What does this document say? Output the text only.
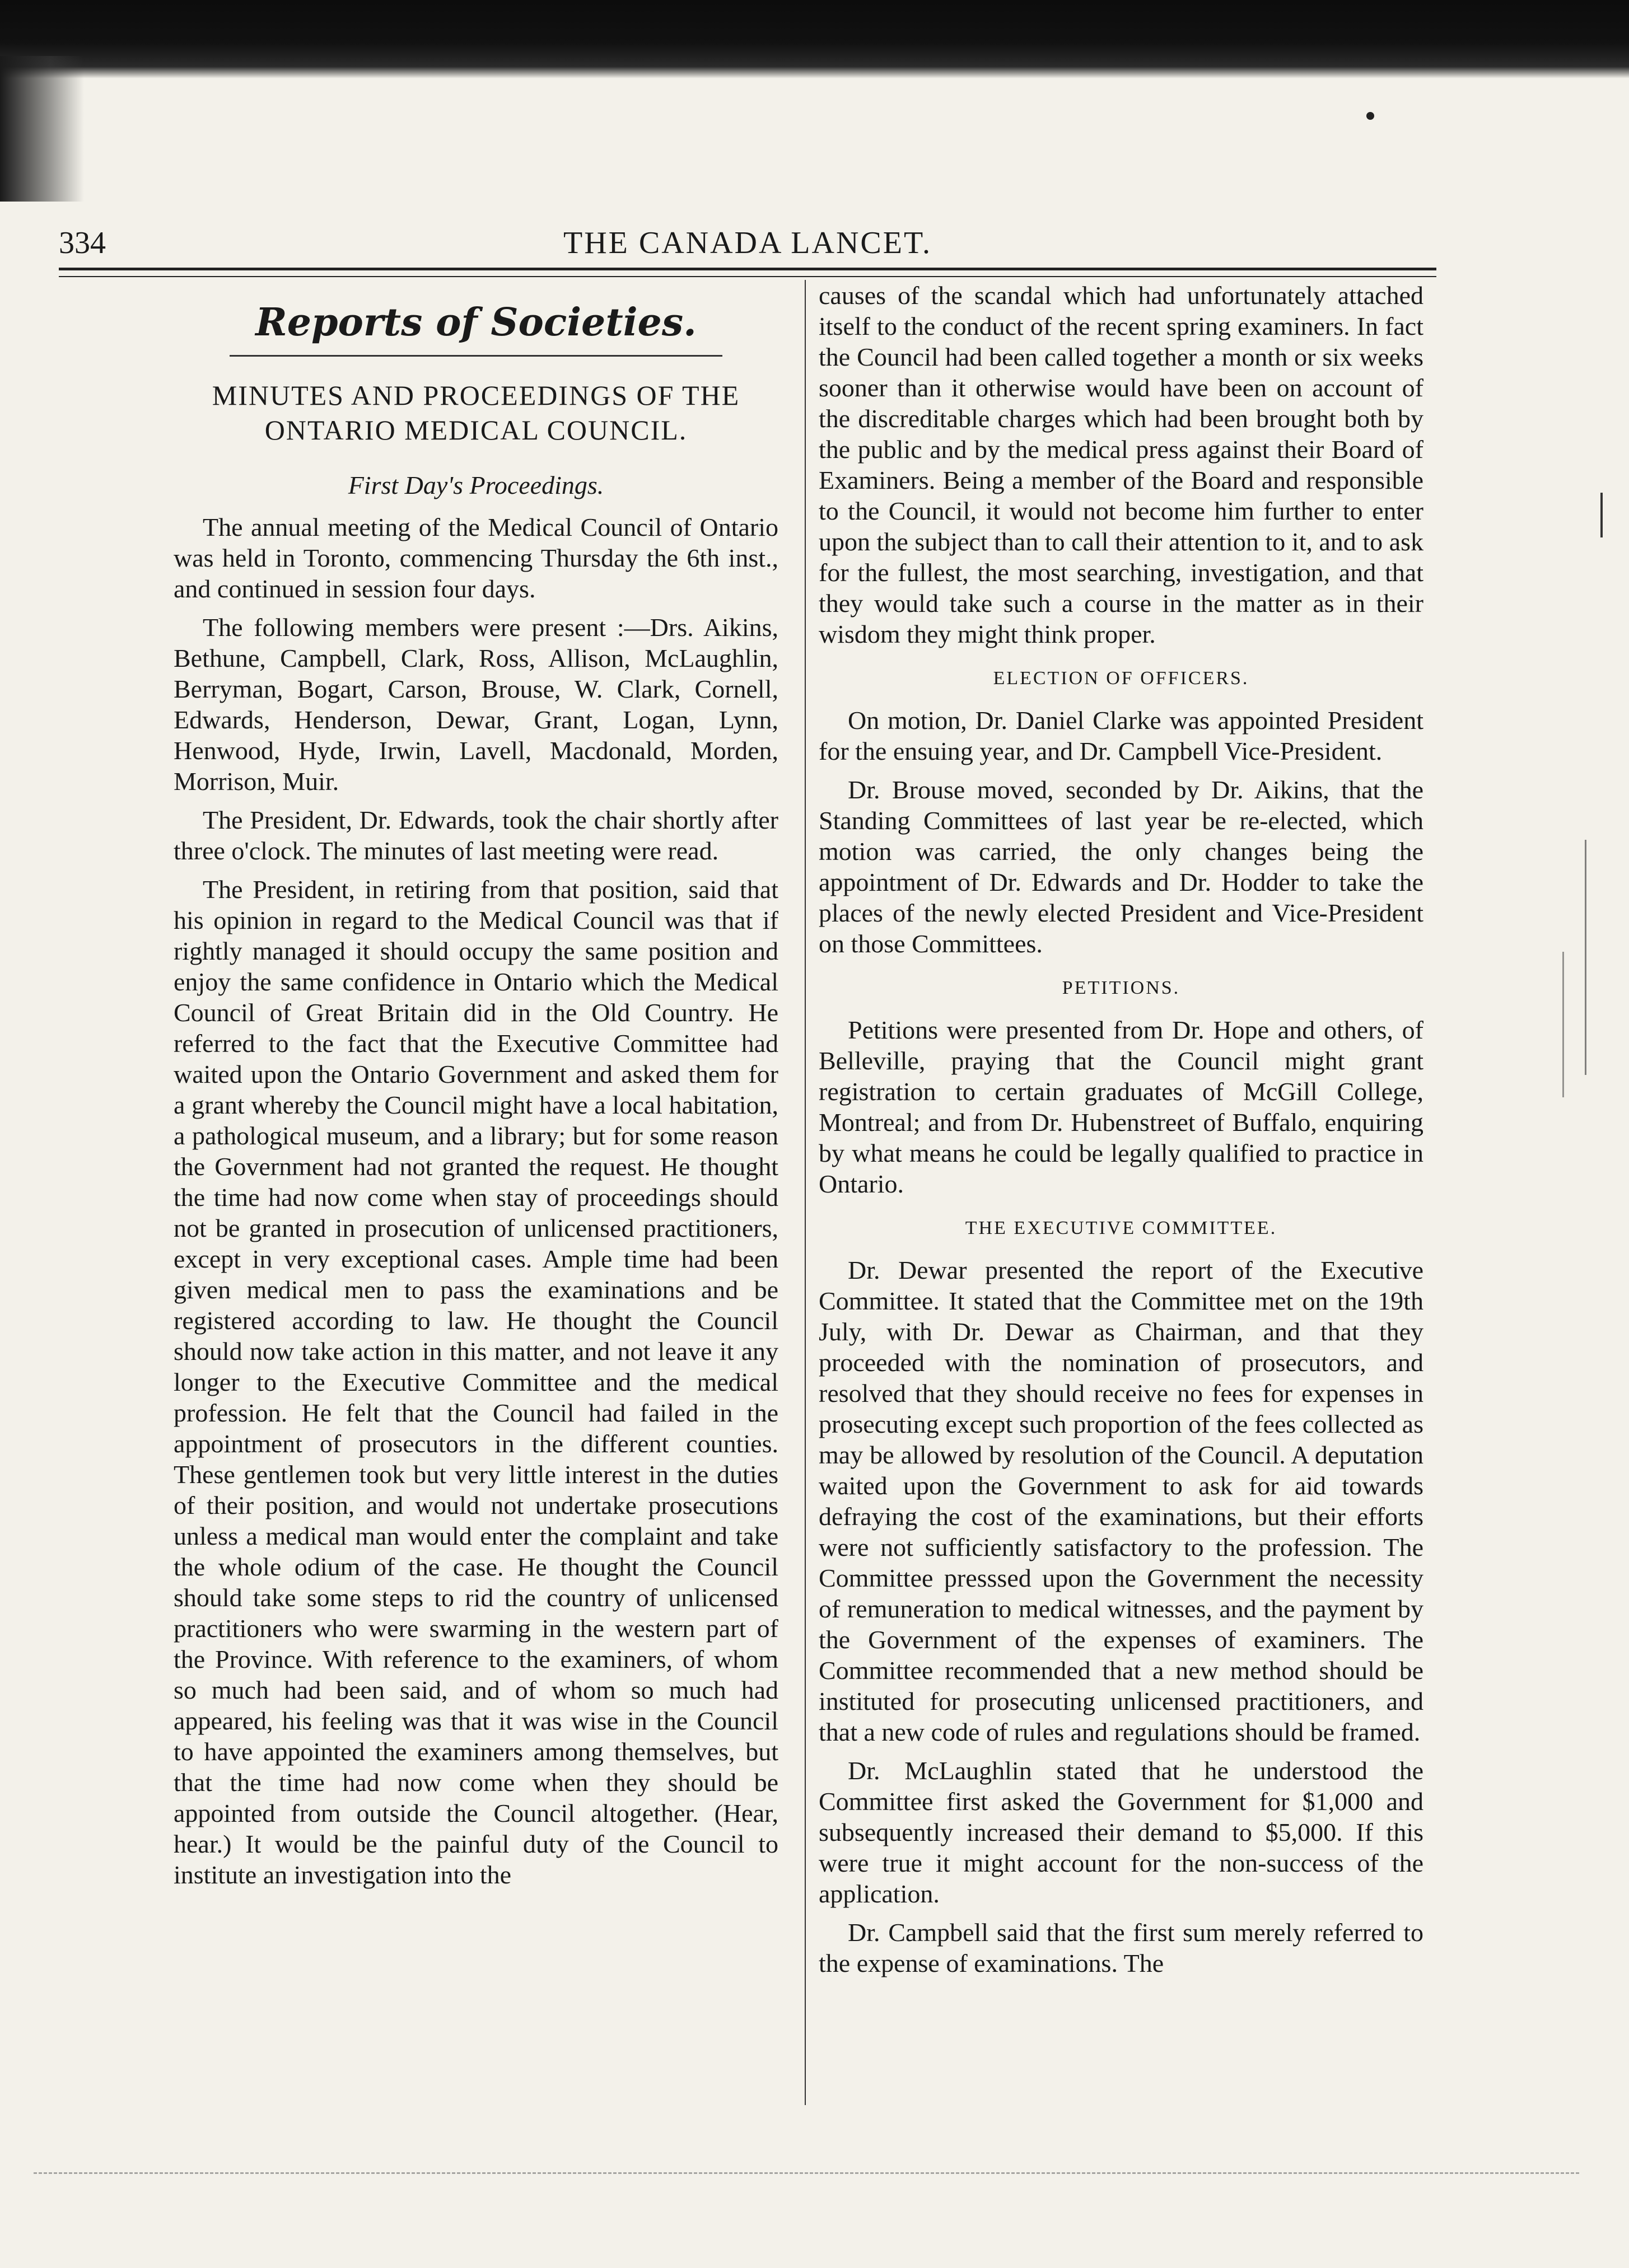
334	THE CANADA LANCET.
Reports of Societies.
MINUTES AND PROCEEDINGS OF THE
ONTARIO MEDICAL COUNCIL.
First Day's Proceedings.

The annual meeting of the Medical Council of Ontario was held in Toronto, commencing Thursday the 6th inst., and continued in session four days.

The following members were present :—Drs. Aikins, Bethune, Campbell, Clark, Ross, Allison, McLaughlin, Berryman, Bogart, Carson, Brouse, W. Clark, Cornell, Edwards, Henderson, Dewar, Grant, Logan, Lynn, Henwood, Hyde, Irwin, Lavell, Macdonald, Morden, Morrison, Muir.

The President, Dr. Edwards, took the chair shortly after three o'clock. The minutes of last meeting were read.

The President, in retiring from that position, said that his opinion in regard to the Medical Council was that if rightly managed it should occupy the same position and enjoy the same confidence in Ontario which the Medical Council of Great Britain did in the Old Country. He referred to the fact that the Executive Committee had waited upon the Ontario Government and asked them for a grant whereby the Council might have a local habitation, a pathological museum, and a library; but for some reason the Government had not granted the request. He thought the time had now come when stay of proceedings should not be granted in prosecution of unlicensed practitioners, except in very exceptional cases. Ample time had been given medical men to pass the examinations and be registered according to law. He thought the Council should now take action in this matter, and not leave it any longer to the Executive Committee and the medical profession. He felt that the Council had failed in the appointment of prosecutors in the different counties. These gentlemen took but very little interest in the duties of their position, and would not undertake prosecutions unless a medical man would enter the complaint and take the whole odium of the case. He thought the Council should take some steps to rid the country of unlicensed practitioners who were swarming in the western part of the Province. With reference to the examiners, of whom so much had been said, and of whom so much had appeared, his feeling was that it was wise in the Council to have appointed the examiners among themselves, but that the time had now come when they should be appointed from outside the Council altogether. (Hear, hear.) It would be the painful duty of the Council to institute an investigation into the

causes of the scandal which had unfortunately attached itself to the conduct of the recent spring examiners. In fact the Council had been called together a month or six weeks sooner than it otherwise would have been on account of the discreditable charges which had been brought both by the public and by the medical press against their Board of Examiners. Being a member of the Board and responsible to the Council, it would not become him further to enter upon the subject than to call their attention to it, and to ask for the fullest, the most searching, investigation, and that they would take such a course in the matter as in their wisdom they might think proper.

ELECTION OF OFFICERS.

On motion, Dr. Daniel Clarke was appointed President for the ensuing year, and Dr. Campbell Vice-President.

Dr. Brouse moved, seconded by Dr. Aikins, that the Standing Committees of last year be re-elected, which motion was carried, the only changes being the appointment of Dr. Edwards and Dr. Hodder to take the places of the newly elected President and Vice-President on those Committees.

PETITIONS.

Petitions were presented from Dr. Hope and others, of Belleville, praying that the Council might grant registration to certain graduates of McGill College, Montreal; and from Dr. Hubenstreet of Buffalo, enquiring by what means he could be legally qualified to practice in Ontario.

THE EXECUTIVE COMMITTEE.

Dr. Dewar presented the report of the Executive Committee. It stated that the Committee met on the 19th July, with Dr. Dewar as Chairman, and that they proceeded with the nomination of prosecutors, and resolved that they should receive no fees for expenses in prosecuting except such proportion of the fees collected as may be allowed by resolution of the Council. A deputation waited upon the Government to ask for aid towards defraying the cost of the examinations, but their efforts were not sufficiently satisfactory to the profession. The Committee presssed upon the Government the necessity of remuneration to medical witnesses, and the payment by the Government of the expenses of examiners. The Committee recommended that a new method should be instituted for prosecuting unlicensed practitioners, and that a new code of rules and regulations should be framed.

Dr. McLaughlin stated that he understood the Committee first asked the Government for $1,000 and subsequently increased their demand to $5,000. If this were true it might account for the non-success of the application.

Dr. Campbell said that the first sum merely referred to the expense of examinations. The
